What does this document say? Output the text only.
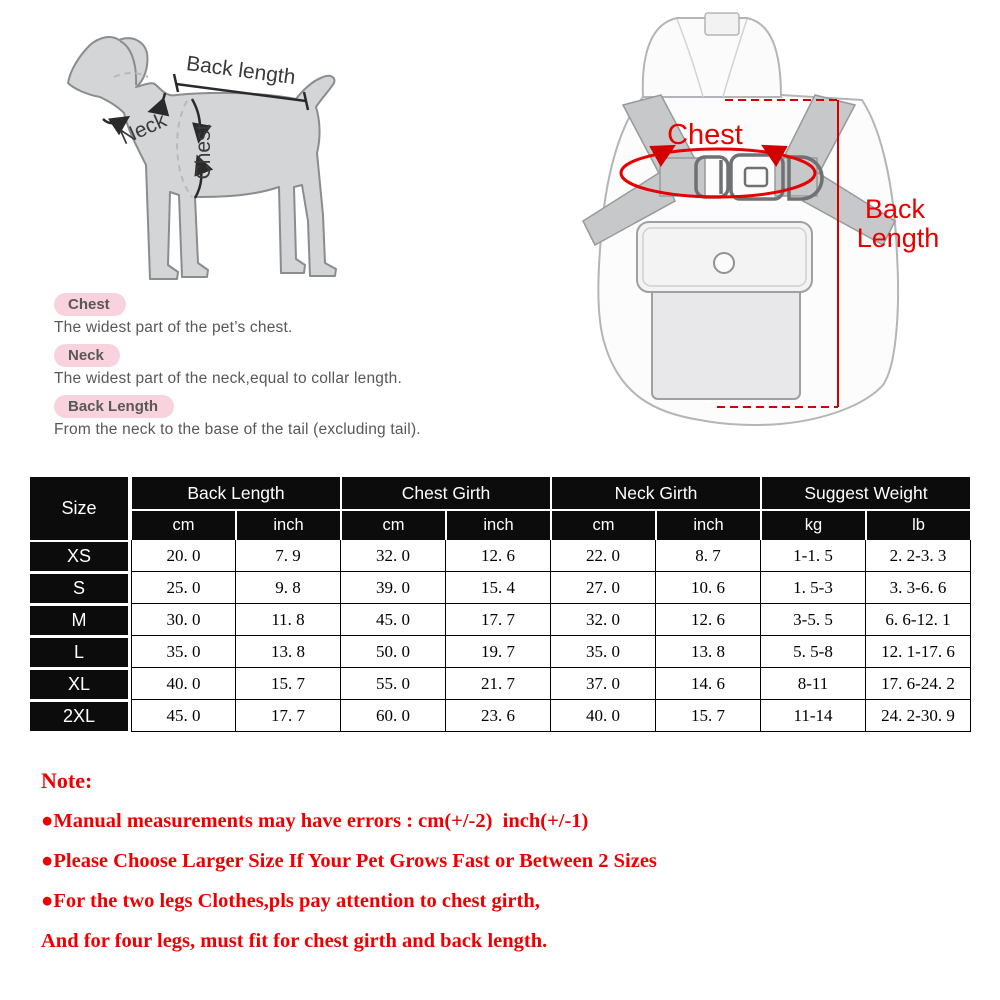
Back length
Neck Chest
Chest
The widest part of the pet’s chest.
Neck
The widest part of the neck,equal to collar length.
Back Length
From the neck to the base of the tail (excluding tail).
Chest
Back
Length
Size
Back Length	Chest Girth	Neck Girth	Suggest Weight
cm	inch	cm	inch	cm	inch	kg	lb
XS	20. 0	7. 9	32. 0	12. 6	22. 0	8. 7	1-1. 5	2. 2-3. 3
S	25. 0	9. 8	39. 0	15. 4	27. 0	10. 6	1. 5-3	3. 3-6. 6
M	30. 0	11. 8	45. 0	17. 7	32. 0	12. 6	3-5. 5	6. 6-12. 1
L	35. 0	13. 8	50. 0	19. 7	35. 0	13. 8	5. 5-8	12. 1-17. 6
XL	40. 0	15. 7	55. 0	21. 7	37. 0	14. 6	8-11	17. 6-24. 2
2XL	45. 0	17. 7	60. 0	23. 6	40. 0	15. 7	11-14	24. 2-30. 9
Note:
●Manual measurements may have errors : cm(+/-2)  inch(+/-1)
●Please Choose Larger Size If Your Pet Grows Fast or Between 2 Sizes
●For the two legs Clothes,pls pay attention to chest girth,
And for four legs, must fit for chest girth and back length.
